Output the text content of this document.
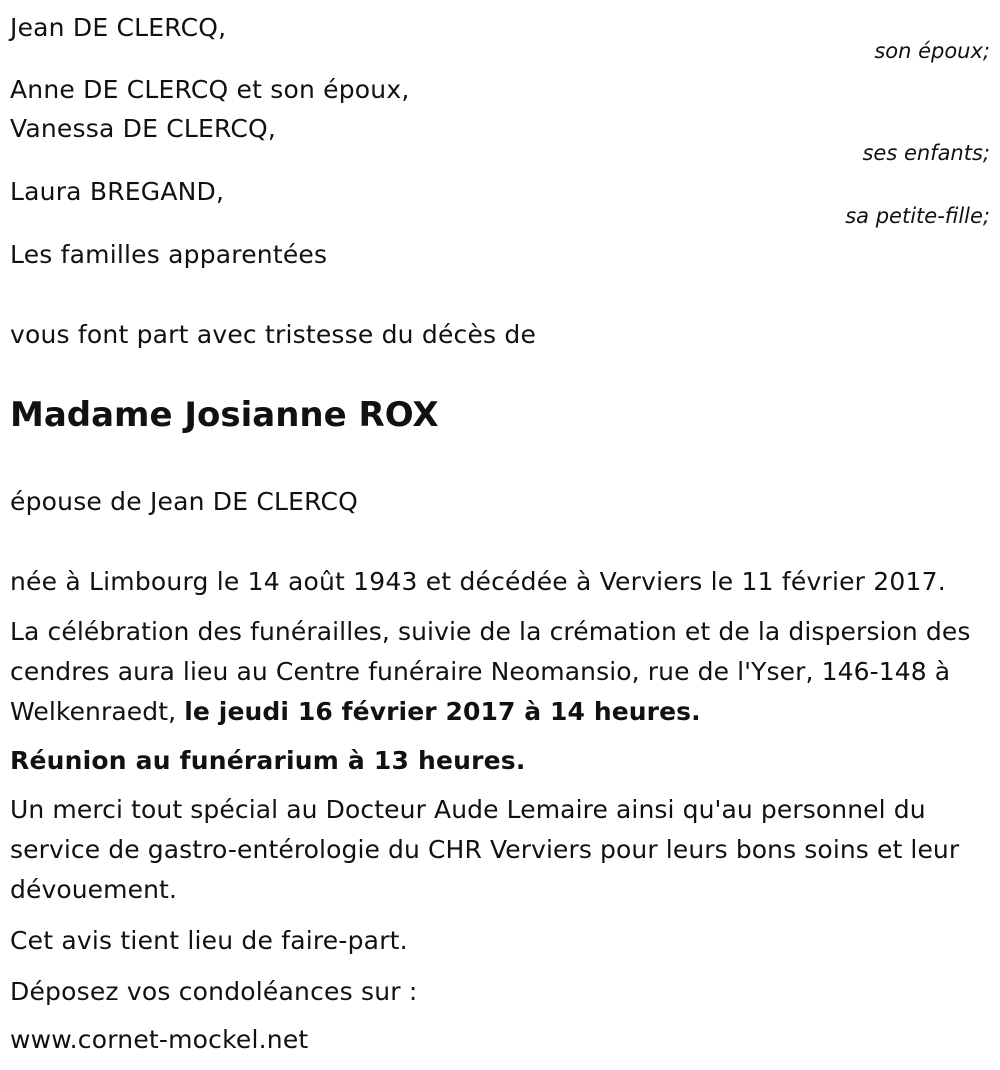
Jean DE CLERCQ,
son époux;
Anne DE CLERCQ et son époux,
Vanessa DE CLERCQ,
ses enfants;
Laura BREGAND,
sa petite-fille;
Les familles apparentées
vous font part avec tristesse du décès de
Madame Josianne ROX
épouse de Jean DE CLERCQ
née à Limbourg le 14 août 1943 et décédée à Verviers le 11 février 2017.
La célébration des funérailles, suivie de la crémation et de la dispersion des cendres aura lieu au Centre funéraire Neomansio, rue de l'Yser, 146-148 à Welkenraedt, le jeudi 16 février 2017 à 14 heures.
Réunion au funérarium à 13 heures.
Un merci tout spécial au Docteur Aude Lemaire ainsi qu'au personnel du service de gastro-entérologie du CHR Verviers pour leurs bons soins et leur dévouement.
Cet avis tient lieu de faire-part.
Déposez vos condoléances sur :
www.cornet-mockel.net
